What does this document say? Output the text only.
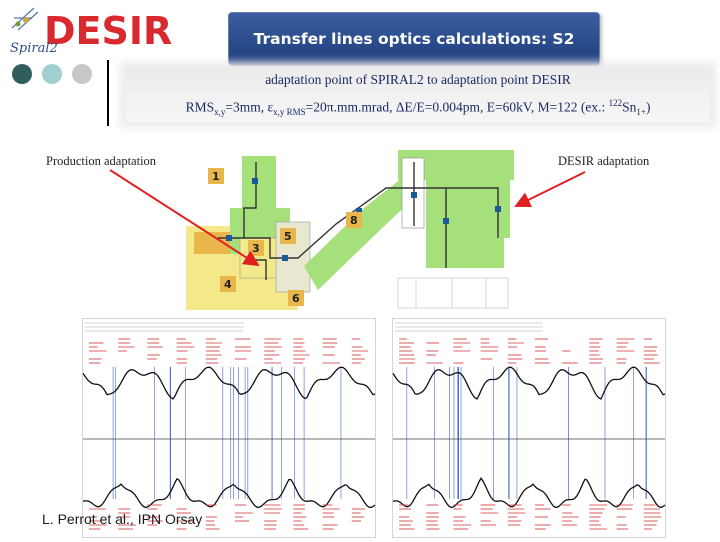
DESIR
Spiral2
Transfer lines optics calculations: S2
adaptation point of SPIRAL2 to adaptation point DESIR
$RMS_{x,y}=3mm$, $\varepsilon_{x,y RMS}=20\pi.mm.mrad$, ΔE/E=0.004pm, E=60kV, M=122 (ex.: $^{122}Sn_{1+}$)
Production adaptation	DESIR adaptation
1
3
4
5
6
8
L. Perrot et al., IPN Orsay
